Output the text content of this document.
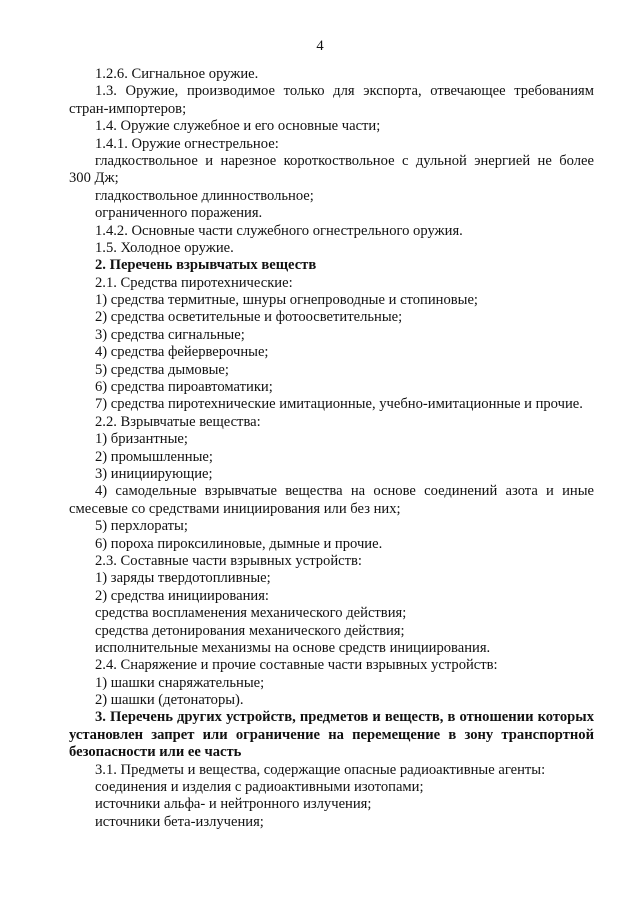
4
1.2.6. Сигнальное оружие.
1.3. Оружие, производимое только для экспорта, отвечающее требованиям
стран-импортеров;
1.4. Оружие служебное и его основные части;
1.4.1. Оружие огнестрельное:
гладкоствольное и нарезное короткоствольное с дульной энергией не более
300 Дж;
гладкоствольное длинноствольное;
ограниченного поражения.
1.4.2. Основные части служебного огнестрельного оружия.
1.5. Холодное оружие.
2. Перечень взрывчатых веществ
2.1. Средства пиротехнические:
1) средства термитные, шнуры огнепроводные и стопиновые;
2) средства осветительные и фотоосветительные;
3) средства сигнальные;
4) средства фейерверочные;
5) средства дымовые;
6) средства пироавтоматики;
7) средства пиротехнические имитационные, учебно-имитационные и прочие.
2.2. Взрывчатые вещества:
1) бризантные;
2) промышленные;
3) инициирующие;
4) самодельные взрывчатые вещества на основе соединений азота и иные
смесевые со средствами инициирования или без них;
5) перхлораты;
6) пороха пироксилиновые, дымные и прочие.
2.3. Составные части взрывных устройств:
1) заряды твердотопливные;
2) средства инициирования:
средства воспламенения механического действия;
средства детонирования механического действия;
исполнительные механизмы на основе средств инициирования.
2.4. Снаряжение и прочие составные части взрывных устройств:
1) шашки снаряжательные;
2) шашки (детонаторы).
3. Перечень других устройств, предметов и веществ, в отношении которых
установлен запрет или ограничение на перемещение в зону транспортной
безопасности или ее часть
3.1. Предметы и вещества, содержащие опасные радиоактивные агенты:
соединения и изделия с радиоактивными изотопами;
источники альфа- и нейтронного излучения;
источники бета-излучения;
